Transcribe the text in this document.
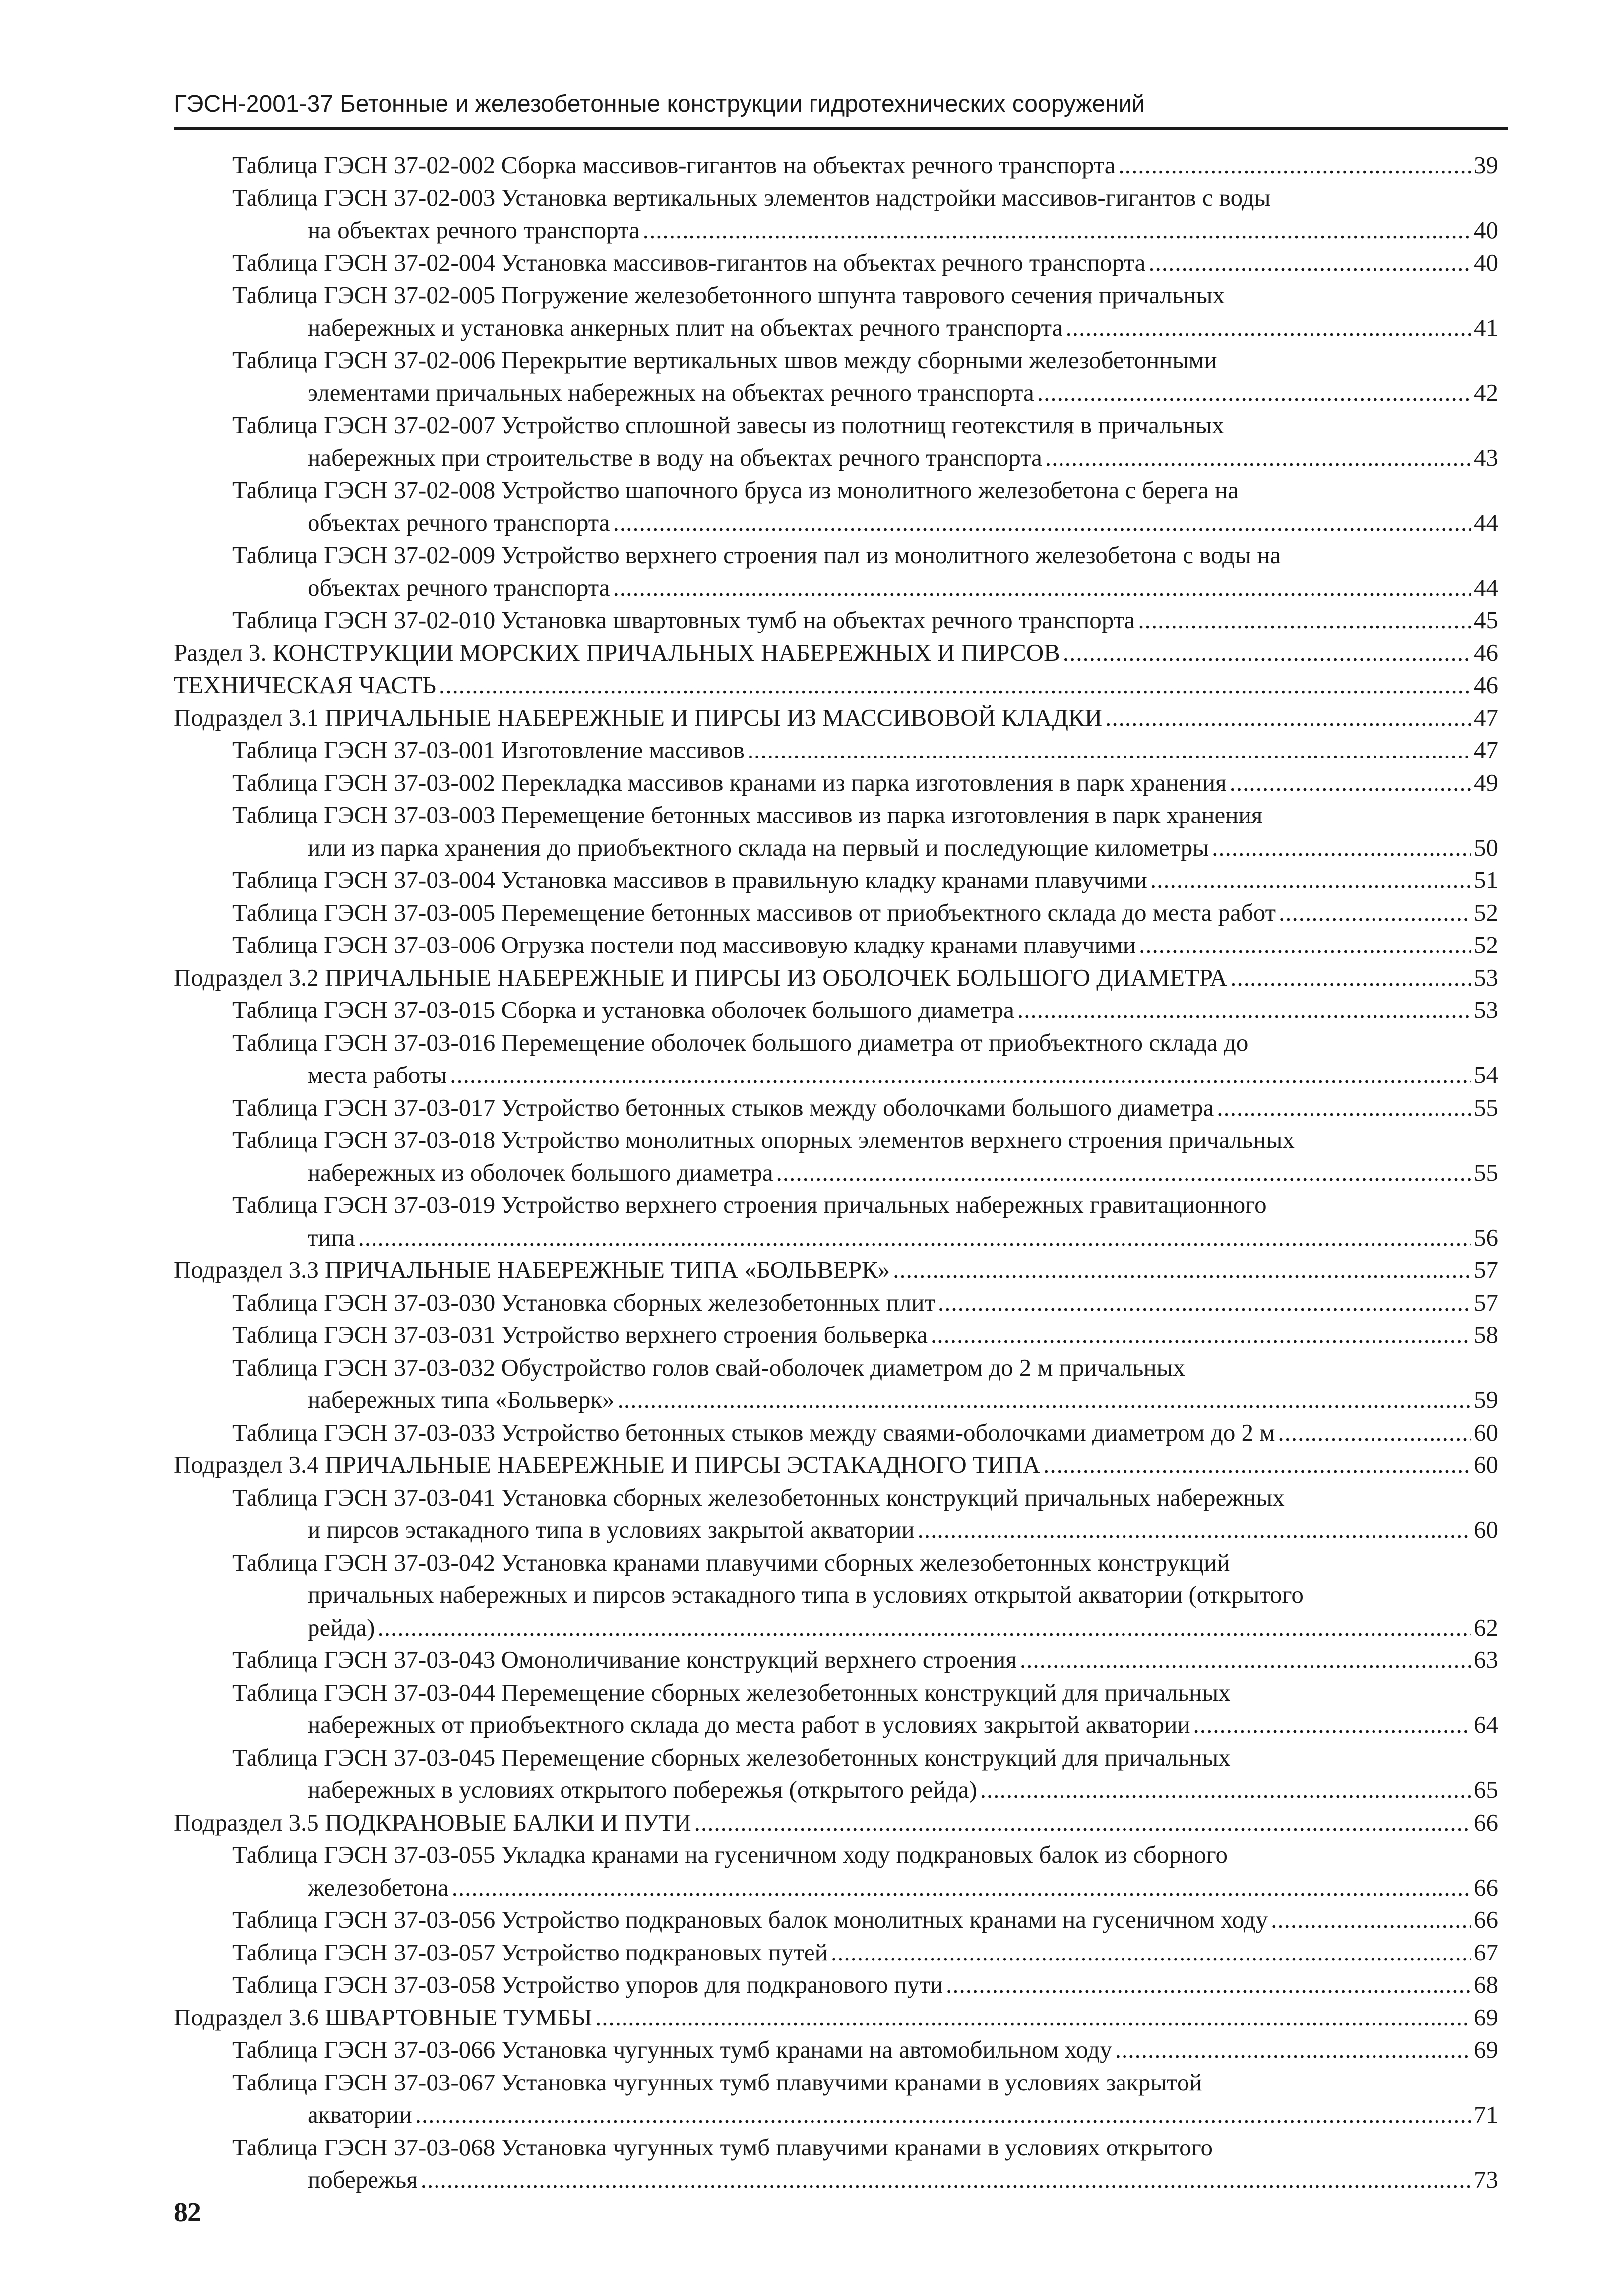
ГЭСН-2001-37 Бетонные и железобетонные конструкции гидротехнических сооружений
Таблица ГЭСН 37-02-002 Сборка массивов-гигантов на объектах речного транспорта .....	39
Таблица ГЭСН 37-02-003 Установка вертикальных элементов надстройки массивов-гигантов с воды
на объектах речного транспорта .....	40
Таблица ГЭСН 37-02-004 Установка массивов-гигантов на объектах речного транспорта .....	40
Таблица ГЭСН 37-02-005 Погружение железобетонного шпунта таврового сечения причальных
набережных и установка анкерных плит на объектах речного транспорта .....	41
Таблица ГЭСН 37-02-006 Перекрытие вертикальных швов между сборными железобетонными
элементами причальных набережных на объектах речного транспорта .....	42
Таблица ГЭСН 37-02-007 Устройство сплошной завесы из полотнищ геотекстиля в причальных
набережных при строительстве в воду на объектах речного транспорта .....	43
Таблица ГЭСН 37-02-008 Устройство шапочного бруса из монолитного железобетона с берега на
объектах речного транспорта .....	44
Таблица ГЭСН 37-02-009 Устройство верхнего строения пал из монолитного железобетона с воды на
объектах речного транспорта .....	44
Таблица ГЭСН 37-02-010 Установка швартовных тумб на объектах речного транспорта .....	45
Раздел 3. КОНСТРУКЦИИ МОРСКИХ ПРИЧАЛЬНЫХ НАБЕРЕЖНЫХ И ПИРСОВ .....	46
ТЕХНИЧЕСКАЯ ЧАСТЬ .....	46
Подраздел 3.1 ПРИЧАЛЬНЫЕ НАБЕРЕЖНЫЕ И ПИРСЫ ИЗ МАССИВОВОЙ КЛАДКИ .....	47
Таблица ГЭСН 37-03-001 Изготовление массивов .....	47
Таблица ГЭСН 37-03-002 Перекладка массивов кранами из парка изготовления в парк хранения .....	49
Таблица ГЭСН 37-03-003 Перемещение бетонных массивов из парка изготовления в парк хранения
или из парка хранения до приобъектного склада на первый и последующие километры .....	50
Таблица ГЭСН 37-03-004 Установка массивов в правильную кладку кранами плавучими .....	51
Таблица ГЭСН 37-03-005 Перемещение бетонных массивов от приобъектного склада до места работ .....	52
Таблица ГЭСН 37-03-006 Огрузка постели под массивовую кладку кранами плавучими .....	52
Подраздел 3.2 ПРИЧАЛЬНЫЕ НАБЕРЕЖНЫЕ И ПИРСЫ ИЗ ОБОЛОЧЕК БОЛЬШОГО ДИАМЕТРА .....	53
Таблица ГЭСН 37-03-015 Сборка и установка оболочек большого диаметра .....	53
Таблица ГЭСН 37-03-016 Перемещение оболочек большого диаметра от приобъектного склада до
места работы .....	54
Таблица ГЭСН 37-03-017 Устройство бетонных стыков между оболочками большого диаметра .....	55
Таблица ГЭСН 37-03-018 Устройство монолитных опорных элементов верхнего строения причальных
набережных из оболочек большого диаметра .....	55
Таблица ГЭСН 37-03-019 Устройство верхнего строения причальных набережных гравитационного
типа .....	56
Подраздел 3.3 ПРИЧАЛЬНЫЕ НАБЕРЕЖНЫЕ ТИПА «БОЛЬВЕРК» .....	57
Таблица ГЭСН 37-03-030 Установка сборных железобетонных плит .....	57
Таблица ГЭСН 37-03-031 Устройство верхнего строения больверка .....	58
Таблица ГЭСН 37-03-032 Обустройство голов свай-оболочек диаметром до 2 м причальных
набережных типа «Больверк» .....	59
Таблица ГЭСН 37-03-033 Устройство бетонных стыков между сваями-оболочками диаметром до 2 м .....	60
Подраздел 3.4 ПРИЧАЛЬНЫЕ НАБЕРЕЖНЫЕ И ПИРСЫ ЭСТАКАДНОГО ТИПА .....	60
Таблица ГЭСН 37-03-041 Установка сборных железобетонных конструкций причальных набережных
и пирсов эстакадного типа в условиях закрытой акватории .....	60
Таблица ГЭСН 37-03-042 Установка кранами плавучими сборных железобетонных конструкций
причальных набережных и пирсов эстакадного типа в условиях открытой акватории (открытого
рейда) .....	62
Таблица ГЭСН 37-03-043 Омоноличивание конструкций верхнего строения .....	63
Таблица ГЭСН 37-03-044 Перемещение сборных железобетонных конструкций для причальных
набережных от приобъектного склада до места работ в условиях закрытой акватории .....	64
Таблица ГЭСН 37-03-045 Перемещение сборных железобетонных конструкций для причальных
набережных в условиях открытого побережья (открытого рейда) .....	65
Подраздел 3.5 ПОДКРАНОВЫЕ БАЛКИ И ПУТИ .....	66
Таблица ГЭСН 37-03-055 Укладка кранами на гусеничном ходу подкрановых балок из сборного
железобетона .....	66
Таблица ГЭСН 37-03-056 Устройство подкрановых балок монолитных кранами на гусеничном ходу .....	66
Таблица ГЭСН 37-03-057 Устройство подкрановых путей .....	67
Таблица ГЭСН 37-03-058 Устройство упоров для подкранового пути .....	68
Подраздел 3.6 ШВАРТОВНЫЕ ТУМБЫ .....	69
Таблица ГЭСН 37-03-066 Установка чугунных тумб кранами на автомобильном ходу .....	69
Таблица ГЭСН 37-03-067 Установка чугунных тумб плавучими кранами в условиях закрытой
акватории .....	71
Таблица ГЭСН 37-03-068 Установка чугунных тумб плавучими кранами в условиях открытого
побережья .....	73
82
